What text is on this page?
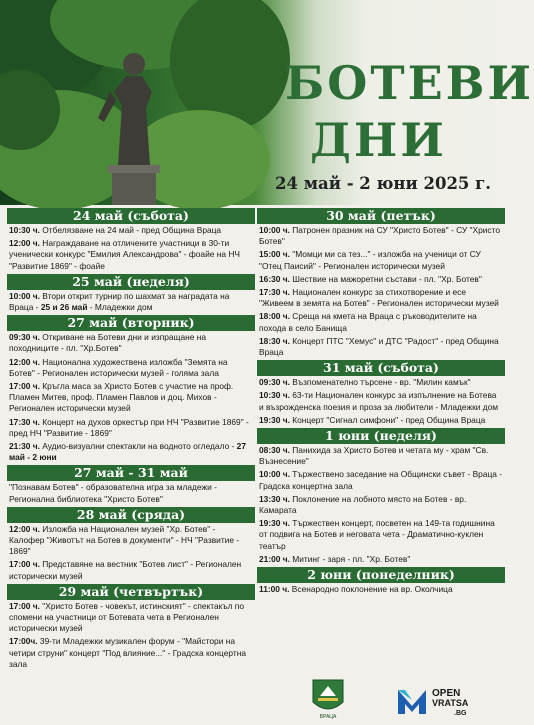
БОТЕВИ
ДНИ
24 май - 2 юни 2025 г.
24 май (събота)
10:30 ч. Отбелязване на 24 май - пред Община Враца
12:00 ч. Награждаване на отличените участници в 30-ти ученически конкурс "Емилия Александрова" - фоайе на НЧ "Развитие 1869" - фоайе
25 май (неделя)
10:00 ч. Втори открит турнир по шахмат за наградата на Враца - 25 и 26 май - Младежки дом
27 май (вторник)
09:30 ч. Откриване на Ботеви дни и изпращане на походниците - пл. "Хр.Ботев"
12:00 ч. Национална художествена изложба "Земята на Ботев" - Регионален исторически музей - голяма зала
17:00 ч. Кръгла маса за Христо Ботев с участие на проф. Пламен Митев, проф. Пламен Павлов и доц. Михов - Регионален исторически музей
17:30 ч. Концерт на духов оркестър при НЧ "Развитие 1869" - пред НЧ "Развитие - 1869"
21:30 ч. Аудио-визуални спектакли на водното огледало - 27 май - 2 юни
27 май - 31 май
"Познавам Ботев" - образователна игра за младежи - Регионална библиотека "Христо Ботев"
28 май (сряда)
12:00 ч. Изложба на Национален музей "Хр. Ботев" - Калофер "Животът на Ботев в документи" - НЧ "Развитие - 1869"
17:00 ч. Представяне на вестник "Ботев лист" - Регионален исторически музей
29 май (четвъртък)
17:00 ч. "Христо Ботев - човекът, истинският" - спектакъл по спомени на участници от Ботевата чета в Регионален исторически музей
17:00ч. 39-ти Младежки музикален форум - "Майстори на четири струни" концерт "Под влияние..." - Градска концертна зала
30 май (петък)
10:00 ч. Патронен празник на СУ "Христо Ботев" - СУ "Христо Ботев"
15:00 ч. "Момци ми са тез..." - изложба на ученици от СУ "Отец Паисий" - Регионален исторически музей
16:30 ч. Шествие на мажоретни състави - пл. "Хр. Ботев"
17:30 ч. Национален конкурс за стихотворение и есе "Живеем в земята на Ботев" - Регионален исторически музей
18:00 ч. Среща на кмета на Враца с ръководителите на похода в село Банища
18:30 ч. Концерт ПТС "Хемус" и ДТС "Радост" - пред Община Враца
31 май (събота)
09:30 ч. Възпоменателно търсене - вр. "Милин камък"
10:30 ч. 63-ти Национален конкурс за изпълнение на Ботева и възрожденска поезия и проза за любители - Младежки дом
19:30 ч. Концерт "Сигнал симфони" - пред Община Враца
1 юни (неделя)
08:30 ч. Панихида за Христо Ботев и четата му - храм "Св. Възнесение"
10:00 ч. Тържествено заседание на Общински съвет - Враца - Градска концертна зала
13:30 ч. Поклонение на лобното място на Ботев - вр. Камарата
19:30 ч. Тържествен концерт, посветен на 149-та годишнина от подвига на Ботев и неговата чета - Драматично-куклен театър
21:00 ч. Митинг - заря - пл. "Хр. Ботев"
2 юни (понеделник)
11:00 ч. Всенародно поклонение на вр. Околчица
ВРАЦА
OPEN
VRATSA
.BG
